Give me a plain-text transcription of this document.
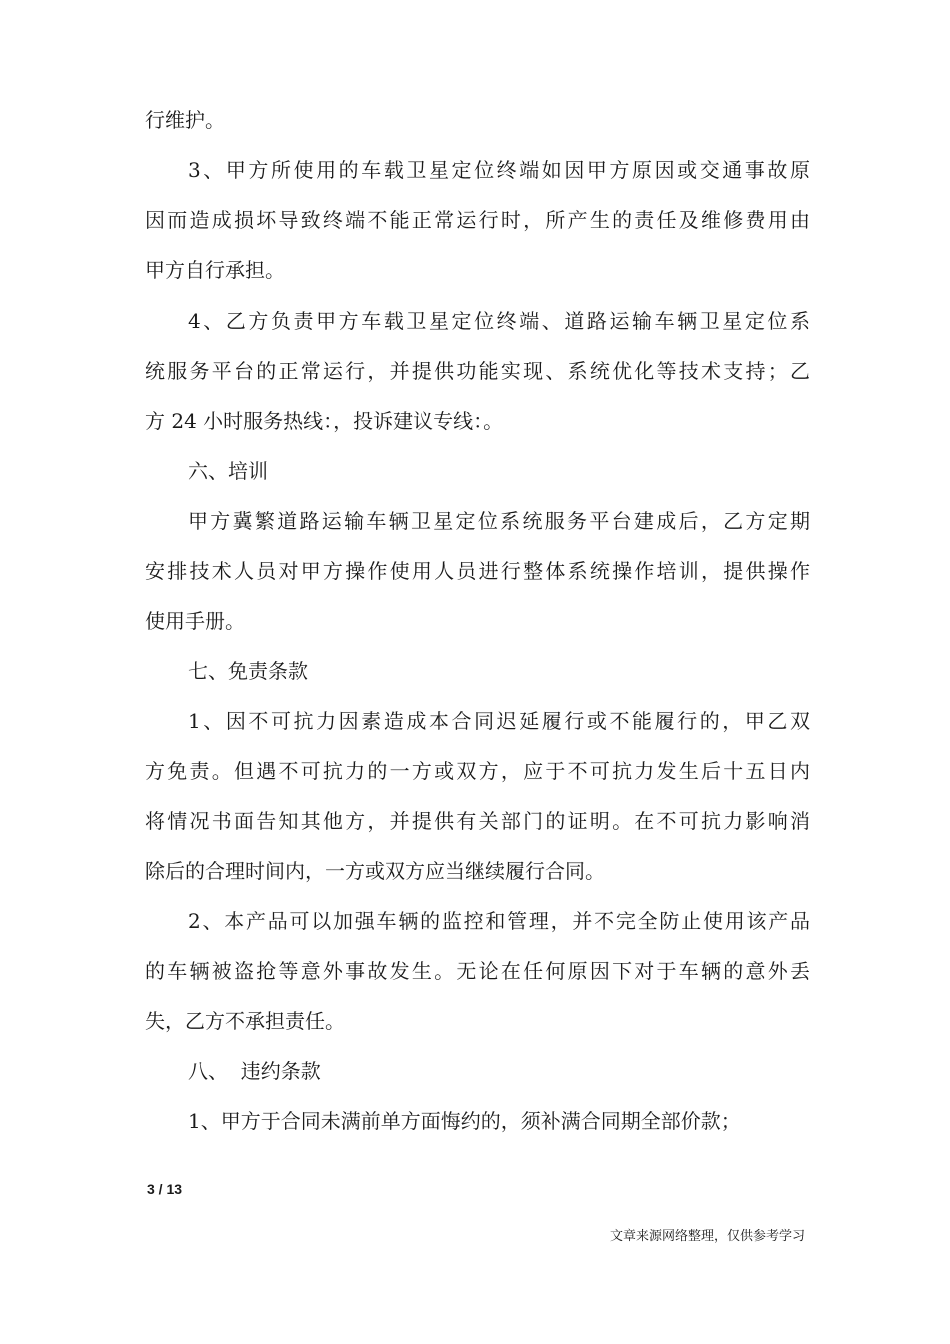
行维护。
3、甲方所使用的车载卫星定位终端如因甲方原因或交通事故原
因而造成损坏导致终端不能正常运行时，所产生的责任及维修费用由
甲方自行承担。
4、乙方负责甲方车载卫星定位终端、道路运输车辆卫星定位系
统服务平台的正常运行，并提供功能实现、系统优化等技术支持；乙
方 24 小时服务热线：，投诉建议专线：。
六、培训
甲方冀繁道路运输车辆卫星定位系统服务平台建成后，乙方定期
安排技术人员对甲方操作使用人员进行整体系统操作培训，提供操作
使用手册。
七、免责条款
1、因不可抗力因素造成本合同迟延履行或不能履行的，甲乙双
方免责。但遇不可抗力的一方或双方，应于不可抗力发生后十五日内
将情况书面告知其他方，并提供有关部门的证明。在不可抗力影响消
除后的合理时间内，一方或双方应当继续履行合同。
2、本产品可以加强车辆的监控和管理，并不完全防止使用该产品
的车辆被盗抢等意外事故发生。无论在任何原因下对于车辆的意外丢
失，乙方不承担责任。
八、  违约条款
1、甲方于合同未满前单方面悔约的，须补满合同期全部价款；
3 / 13
文章来源网络整理，仅供参考学习
